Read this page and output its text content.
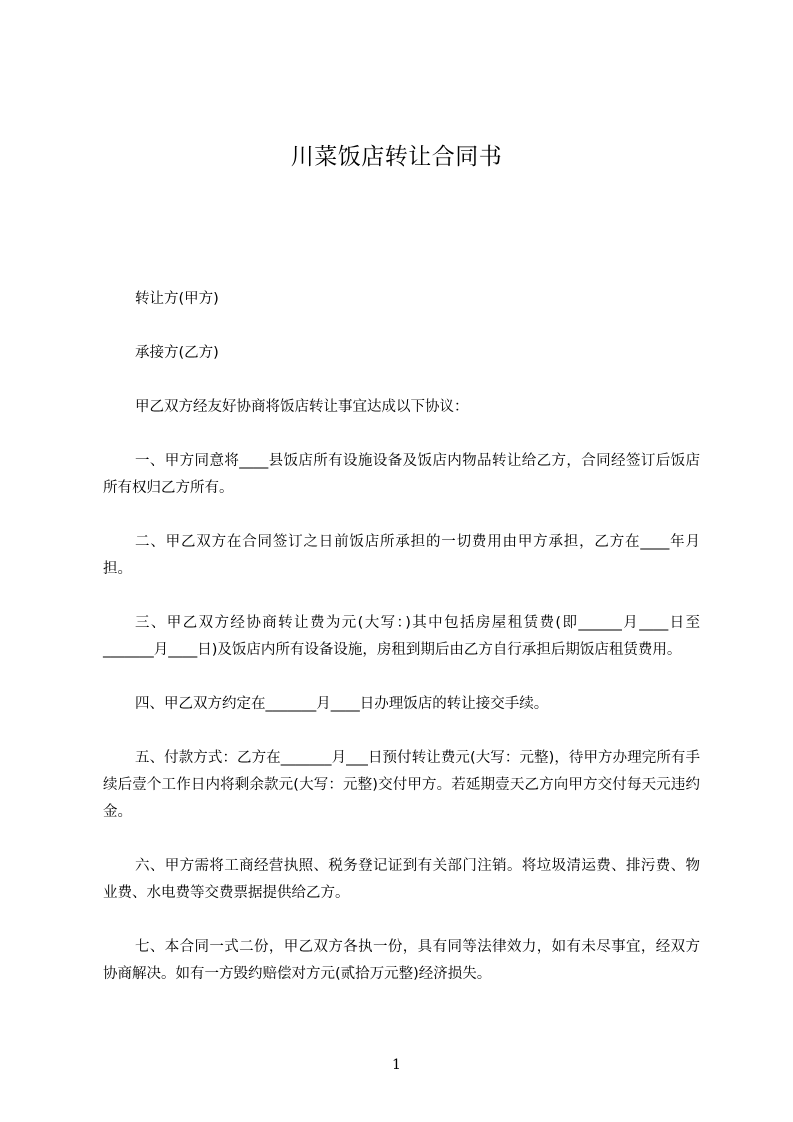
川菜饭店转让合同书

转让方(甲方)

承接方(乙方)

甲乙双方经友好协商将饭店转让事宜达成以下协议：

一、甲方同意将____县饭店所有设施设备及饭店内物品转让给乙方，合同经签订后饭店所有权归乙方所有。

二、甲乙双方在合同签订之日前饭店所承担的一切费用由甲方承担，乙方在____年月担。

三、甲乙双方经协商转让费为元(大写：)其中包括房屋租赁费(即______月____日至_______月____日)及饭店内所有设备设施，房租到期后由乙方自行承担后期饭店租赁费用。

四、甲乙双方约定在_______月____日办理饭店的转让接交手续。

五、付款方式：乙方在_______月___日预付转让费元(大写：元整)，待甲方办理完所有手续后壹个工作日内将剩余款元(大写：元整)交付甲方。若延期壹天乙方向甲方交付每天元违约金。

六、甲方需将工商经营执照、税务登记证到有关部门注销。将垃圾清运费、排污费、物业费、水电费等交费票据提供给乙方。

七、本合同一式二份，甲乙双方各执一份，具有同等法律效力，如有未尽事宜，经双方协商解决。如有一方毁约赔偿对方元(贰拾万元整)经济损失。

1
